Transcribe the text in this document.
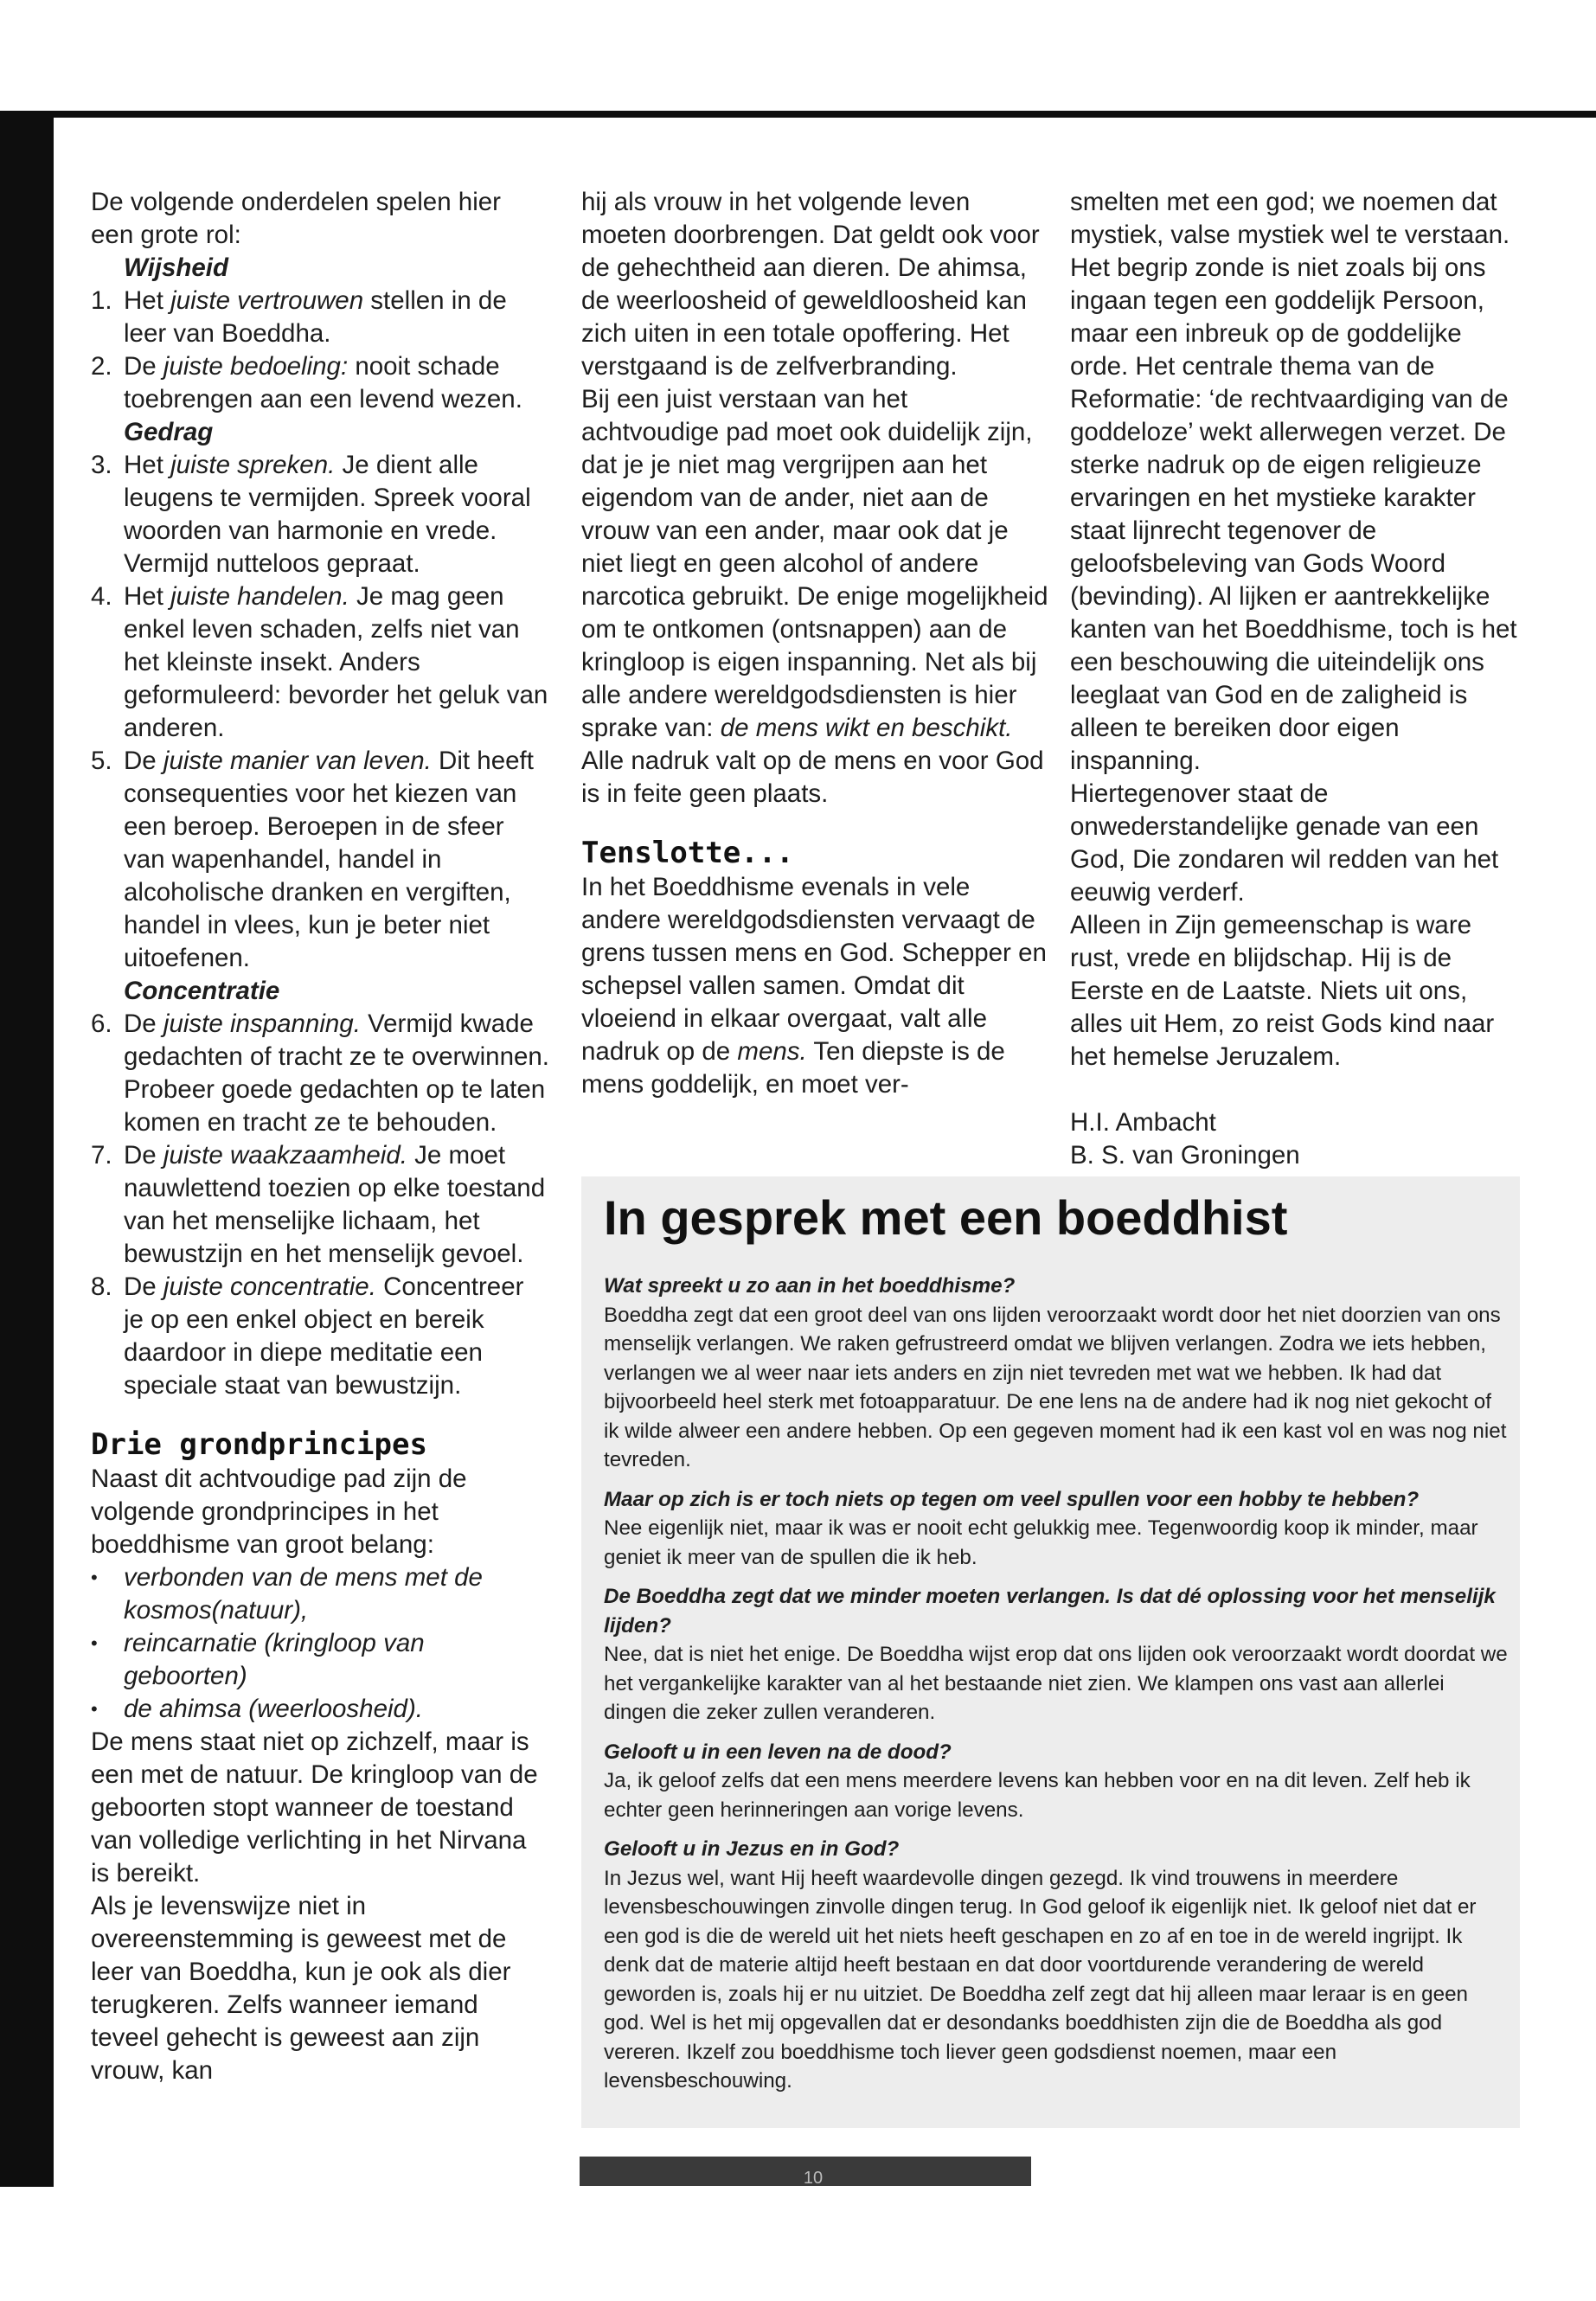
De volgende onderdelen spelen hier een grote rol:

Wijsheid

1. Het juiste vertrouwen stellen in de leer van Boeddha.
2. De juiste bedoeling: nooit schade toebrengen aan een levend wezen.

Gedrag

3. Het juiste spreken. Je dient alle leugens te vermijden. Spreek vooral woorden van harmonie en vrede. Vermijd nutteloos gepraat.
4. Het juiste handelen. Je mag geen enkel leven schaden, zelfs niet van het kleinste insekt. Anders geformuleerd: bevorder het geluk van anderen.
5. De juiste manier van leven. Dit heeft consequenties voor het kiezen van een beroep. Beroepen in de sfeer van wapenhandel, handel in alcoholische dranken en vergiften, handel in vlees, kun je beter niet uitoefenen.

Concentratie

6. De juiste inspanning. Vermijd kwade gedachten of tracht ze te overwinnen. Probeer goede gedachten op te laten komen en tracht ze te behouden.
7. De juiste waakzaamheid. Je moet nauwlettend toezien op elke toestand van het menselijke lichaam, het bewustzijn en het menselijk gevoel.
8. De juiste concentratie. Concentreer je op een enkel object en bereik daardoor in diepe meditatie een speciale staat van bewustzijn.
Drie grondprincipes

Naast dit achtvoudige pad zijn de volgende grondprincipes in het boeddhisme van groot belang:

• verbonden van de mens met de kosmos(natuur),
• reincarnatie (kringloop van geboorten)
• de ahimsa (weerloosheid).

De mens staat niet op zichzelf, maar is een met de natuur. De kringloop van de geboorten stopt wanneer de toestand van volledige verlichting in het Nirvana is bereikt.

Als je levenswijze niet in overeenstemming is geweest met de leer van Boeddha, kun je ook als dier terugkeren. Zelfs wanneer iemand teveel gehecht is geweest aan zijn vrouw, kan

hij als vrouw in het volgende leven moeten doorbrengen. Dat geldt ook voor de gehechtheid aan dieren. De ahimsa, de weerloosheid of geweldloosheid kan zich uiten in een totale opoffering. Het verstgaand is de zelfverbranding.

Bij een juist verstaan van het achtvoudige pad moet ook duidelijk zijn, dat je je niet mag vergrijpen aan het eigendom van de ander, niet aan de vrouw van een ander, maar ook dat je niet liegt en geen alcohol of andere narcotica gebruikt. De enige mogelijkheid om te ontkomen (ontsnappen) aan de kringloop is eigen inspanning. Net als bij alle andere wereldgodsdiensten is hier sprake van: de mens wikt en beschikt. Alle nadruk valt op de mens en voor God is in feite geen plaats.

Tenslotte...

In het Boeddhisme evenals in vele andere wereldgodsdiensten vervaagt de grens tussen mens en God. Schepper en schepsel vallen samen. Omdat dit vloeiend in elkaar overgaat, valt alle nadruk op de mens. Ten diepste is de mens goddelijk, en moet ver-

smelten met een god; we noemen dat mystiek, valse mystiek wel te verstaan. Het begrip zonde is niet zoals bij ons ingaan tegen een goddelijk Persoon, maar een inbreuk op de goddelijke orde. Het centrale thema van de Reformatie: ‘de rechtvaardiging van de goddeloze’ wekt allerwegen verzet. De sterke nadruk op de eigen religieuze ervaringen en het mystieke karakter staat lijnrecht tegenover de geloofsbeleving van Gods Woord (bevinding). Al lijken er aantrekkelijke kanten van het Boeddhisme, toch is het een beschouwing die uiteindelijk ons leeglaat van God en de zaligheid is alleen te bereiken door eigen inspanning.

Hiertegenover staat de onwederstandelijke genade van een God, Die zondaren wil redden van het eeuwig verderf.

Alleen in Zijn gemeenschap is ware rust, vrede en blijdschap. Hij is de Eerste en de Laatste. Niets uit ons, alles uit Hem, zo reist Gods kind naar het hemelse Jeruzalem.

H.I. Ambacht

B. S. van Groningen

In gesprek met een boeddhist

Wat spreekt u zo aan in het boeddhisme?

Boeddha zegt dat een groot deel van ons lijden veroorzaakt wordt door het niet doorzien van ons menselijk verlangen. We raken gefrustreerd omdat we blijven verlangen. Zodra we iets hebben, verlangen we al weer naar iets anders en zijn niet tevreden met wat we hebben. Ik had dat bijvoorbeeld heel sterk met fotoapparatuur. De ene lens na de andere had ik nog niet gekocht of ik wilde alweer een andere hebben. Op een gegeven moment had ik een kast vol en was nog niet tevreden.

Maar op zich is er toch niets op tegen om veel spullen voor een hobby te hebben?

Nee eigenlijk niet, maar ik was er nooit echt gelukkig mee. Tegenwoordig koop ik minder, maar geniet ik meer van de spullen die ik heb.

De Boeddha zegt dat we minder moeten verlangen. Is dat dé oplossing voor het menselijk lijden?

Nee, dat is niet het enige. De Boeddha wijst erop dat ons lijden ook veroorzaakt wordt doordat we het vergankelijke karakter van al het bestaande niet zien. We klampen ons vast aan allerlei dingen die zeker zullen veranderen.

Gelooft u in een leven na de dood?

Ja, ik geloof zelfs dat een mens meerdere levens kan hebben voor en na dit leven. Zelf heb ik echter geen herinneringen aan vorige levens.

Gelooft u in Jezus en in God?

In Jezus wel, want Hij heeft waardevolle dingen gezegd. Ik vind trouwens in meerdere levensbeschouwingen zinvolle dingen terug. In God geloof ik eigenlijk niet. Ik geloof niet dat er een god is die de wereld uit het niets heeft geschapen en zo af en toe in de wereld ingrijpt. Ik denk dat de materie altijd heeft bestaan en dat door voortdurende verandering de wereld geworden is, zoals hij er nu uitziet. De Boeddha zelf zegt dat hij alleen maar leraar is en geen god. Wel is het mij opgevallen dat er desondanks boeddhisten zijn die de Boeddha als god vereren. Ikzelf zou boeddhisme toch liever geen godsdienst noemen, maar een levensbeschouwing.

10
